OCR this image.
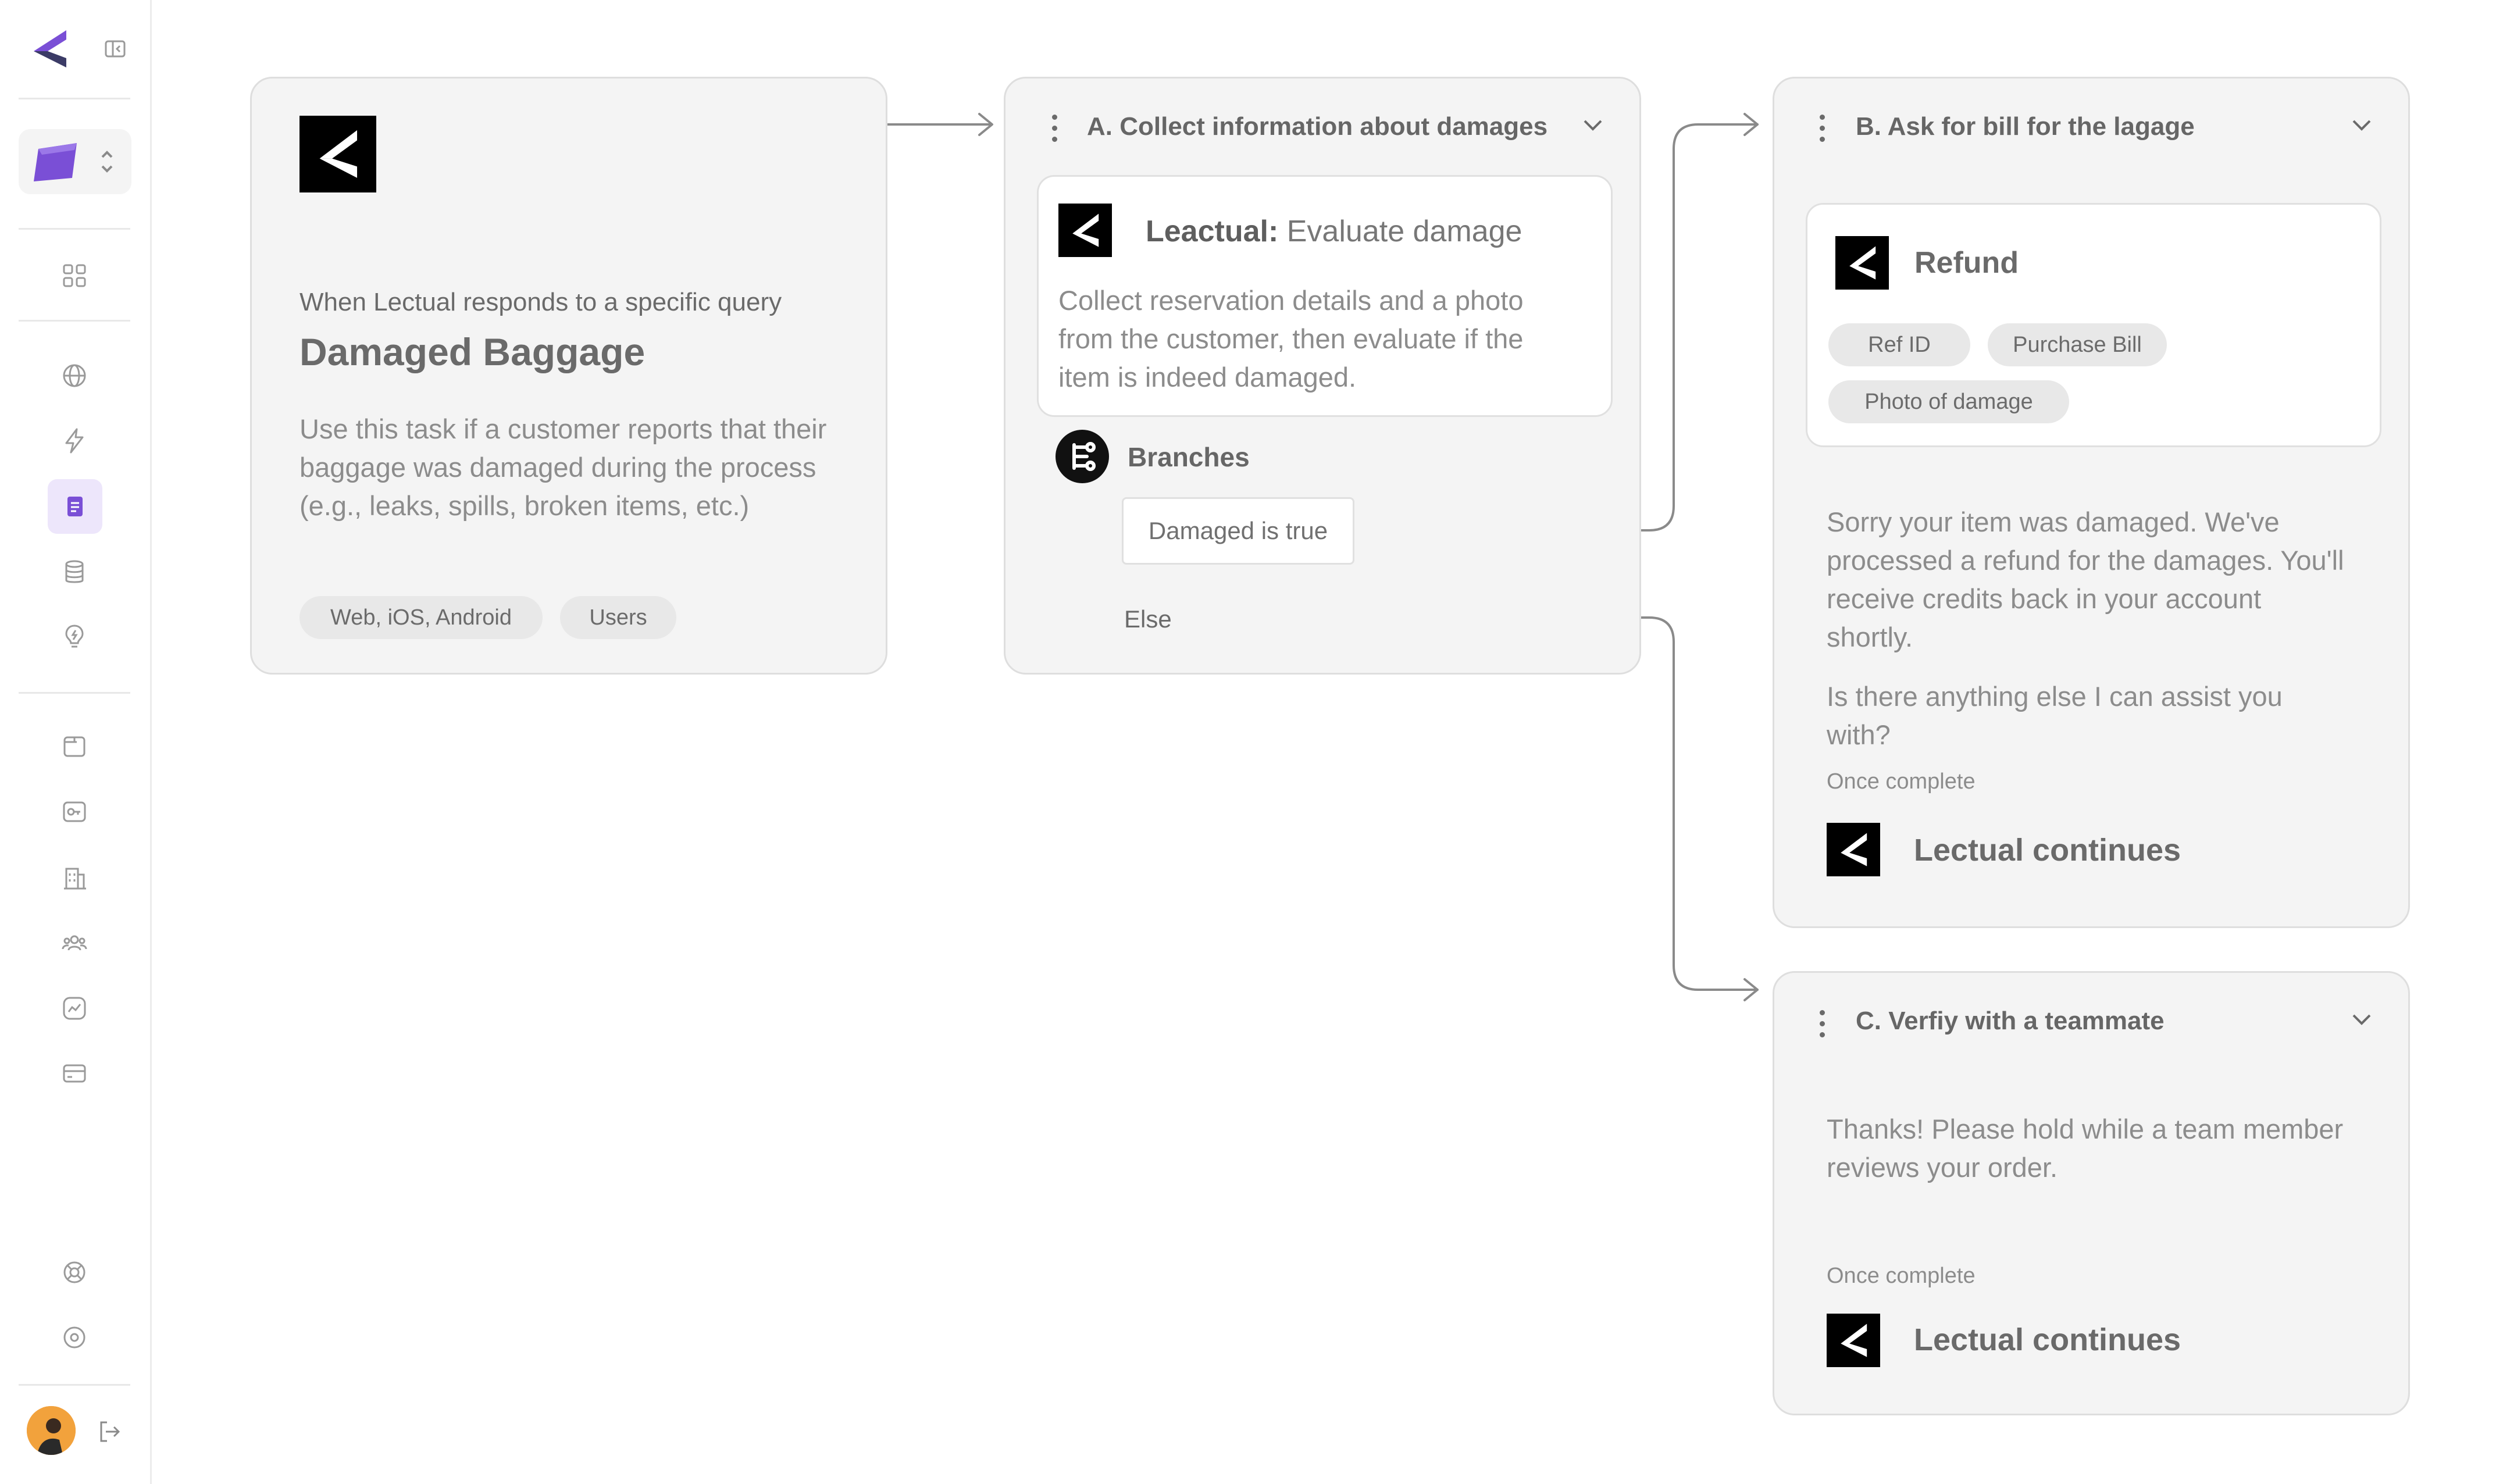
When Lectual responds to a specific query
Damaged Baggage
Use this task if a customer reports that their baggage was damaged during the process (e.g., leaks, spills, broken items, etc.)
Web, iOS, Android	Users
A. Collect information about damages
Leactual: Evaluate damage
Collect reservation details and a photo from the customer, then evaluate if the item is indeed damaged.
Branches
Damaged is true
Else
B. Ask for bill for the lagage
Refund
Ref ID	Purchase Bill
Photo of damage
Sorry your item was damaged. We've processed a refund for the damages. You'll receive credits back in your account shortly.
Is there anything else I can assist you with?
Once complete
Lectual continues
C. Verfiy with a teammate
Thanks! Please hold while a team member reviews your order.
Once complete
Lectual continues
